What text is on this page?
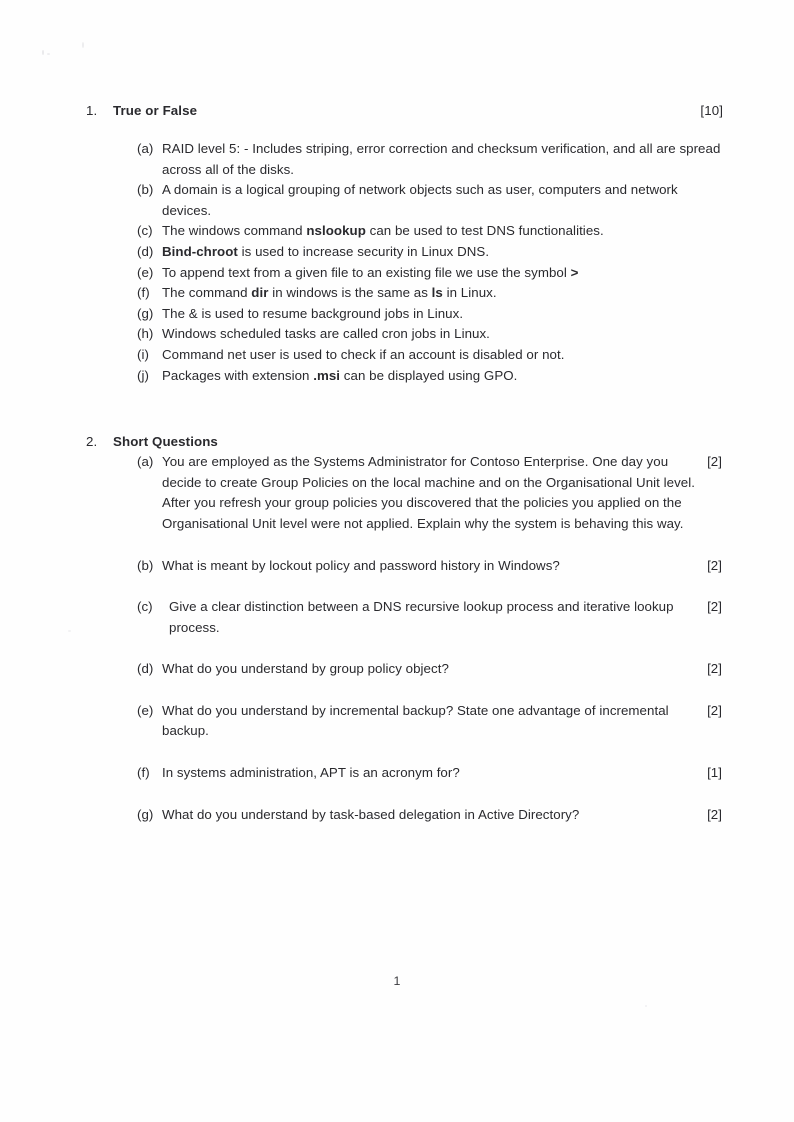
1. True or False	[10]
(a) RAID level 5: - Includes striping, error correction and checksum verification, and all are spread across all of the disks.
(b) A domain is a logical grouping of network objects such as user, computers and network devices.
(c) The windows command nslookup can be used to test DNS functionalities.
(d) Bind-chroot is used to increase security in Linux DNS.
(e) To append text from a given file to an existing file we use the symbol >
(f) The command dir in windows is the same as ls in Linux.
(g) The & is used to resume background jobs in Linux.
(h) Windows scheduled tasks are called cron jobs in Linux.
(i) Command net user is used to check if an account is disabled or not.
(j) Packages with extension .msi can be displayed using GPO.
2. Short Questions
(a)	[2]
You are employed as the Systems Administrator for Contoso Enterprise. One day you decide to create Group Policies on the local machine and on the Organisational Unit level. After you refresh your group policies you discovered that the policies you applied on the Organisational Unit level were not applied. Explain why the system is behaving this way.
(b)	[2]
What is meant by lockout policy and password history in Windows?
(c)	[2]
Give a clear distinction between a DNS recursive lookup process and iterative lookup process.
(d)	[2]
What do you understand by group policy object?
(e)	[2]
What do you understand by incremental backup? State one advantage of incremental backup.
(f)	[1]
In systems administration, APT is an acronym for?
(g)	[2]
What do you understand by task-based delegation in Active Directory?
1
